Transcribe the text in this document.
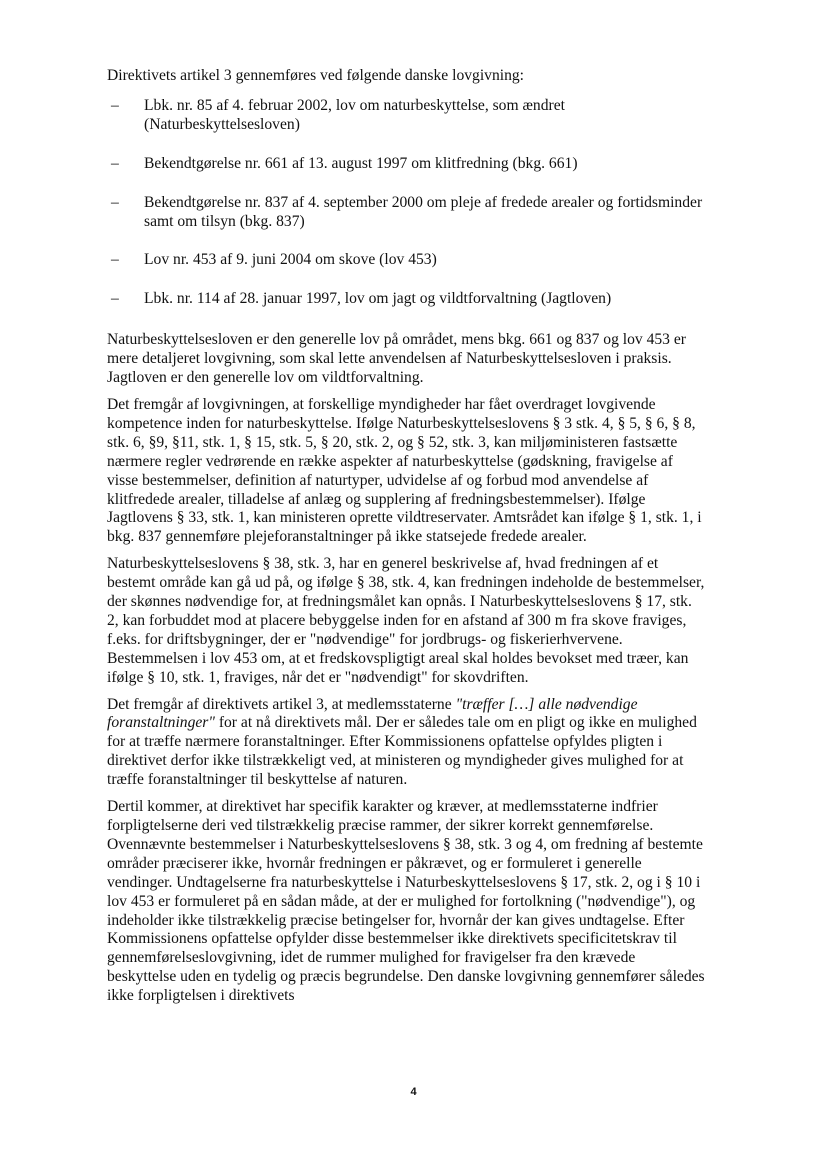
Direktivets artikel 3 gennemføres ved følgende danske lovgivning:

– Lbk. nr. 85 af 4. februar 2002, lov om naturbeskyttelse, som ændret (Naturbeskyttelsesloven)
– Bekendtgørelse nr. 661 af 13. august 1997 om klitfredning (bkg. 661)
– Bekendtgørelse nr. 837 af 4. september 2000 om pleje af fredede arealer og fortidsminder samt om tilsyn (bkg. 837)
– Lov nr. 453 af 9. juni 2004 om skove (lov 453)
– Lbk. nr. 114 af 28. januar 1997, lov om jagt og vildtforvaltning (Jagtloven)

Naturbeskyttelsesloven er den generelle lov på området, mens bkg. 661 og 837 og lov 453 er mere detaljeret lovgivning, som skal lette anvendelsen af Naturbeskyttelsesloven i praksis. Jagtloven er den generelle lov om vildtforvaltning.

Det fremgår af lovgivningen, at forskellige myndigheder har fået overdraget lovgivende kompetence inden for naturbeskyttelse. Ifølge Naturbeskyttelseslovens § 3 stk. 4, § 5, § 6, § 8, stk. 6, §9, §11, stk. 1, § 15, stk. 5, § 20, stk. 2, og § 52, stk. 3, kan miljøministeren fastsætte nærmere regler vedrørende en række aspekter af naturbeskyttelse (gødskning, fravigelse af visse bestemmelser, definition af naturtyper, udvidelse af og forbud mod anvendelse af klitfredede arealer, tilladelse af anlæg og supplering af fredningsbestemmelser). Ifølge Jagtlovens § 33, stk. 1, kan ministeren oprette vildtreservater. Amtsrådet kan ifølge § 1, stk. 1, i bkg. 837 gennemføre plejeforanstaltninger på ikke statsejede fredede arealer.

Naturbeskyttelseslovens § 38, stk. 3, har en generel beskrivelse af, hvad fredningen af et bestemt område kan gå ud på, og ifølge § 38, stk. 4, kan fredningen indeholde de bestemmelser, der skønnes nødvendige for, at fredningsmålet kan opnås. I Naturbeskyttelseslovens § 17, stk. 2, kan forbuddet mod at placere bebyggelse inden for en afstand af 300 m fra skove fraviges, f.eks. for driftsbygninger, der er "nødvendige" for jordbrugs- og fiskerierhvervene. Bestemmelsen i lov 453 om, at et fredskovspligtigt areal skal holdes bevokset med træer, kan ifølge § 10, stk. 1, fraviges, når det er "nødvendigt" for skovdriften.

Det fremgår af direktivets artikel 3, at medlemsstaterne "træffer […] alle nødvendige foranstaltninger" for at nå direktivets mål. Der er således tale om en pligt og ikke en mulighed for at træffe nærmere foranstaltninger. Efter Kommissionens opfattelse opfyldes pligten i direktivet derfor ikke tilstrækkeligt ved, at ministeren og myndigheder gives mulighed for at træffe foranstaltninger til beskyttelse af naturen.

Dertil kommer, at direktivet har specifik karakter og kræver, at medlemsstaterne indfrier forpligtelserne deri ved tilstrækkelig præcise rammer, der sikrer korrekt gennemførelse. Ovennævnte bestemmelser i Naturbeskyttelseslovens § 38, stk. 3 og 4, om fredning af bestemte områder præciserer ikke, hvornår fredningen er påkrævet, og er formuleret i generelle vendinger. Undtagelserne fra naturbeskyttelse i Naturbeskyttelseslovens § 17, stk. 2, og i § 10 i lov 453 er formuleret på en sådan måde, at der er mulighed for fortolkning ("nødvendige"), og indeholder ikke tilstrækkelig præcise betingelser for, hvornår der kan gives undtagelse. Efter Kommissionens opfattelse opfylder disse bestemmelser ikke direktivets specificitetskrav til gennemførelseslovgivning, idet de rummer mulighed for fravigelser fra den krævede beskyttelse uden en tydelig og præcis begrundelse. Den danske lovgivning gennemfører således ikke forpligtelsen i direktivets

4
